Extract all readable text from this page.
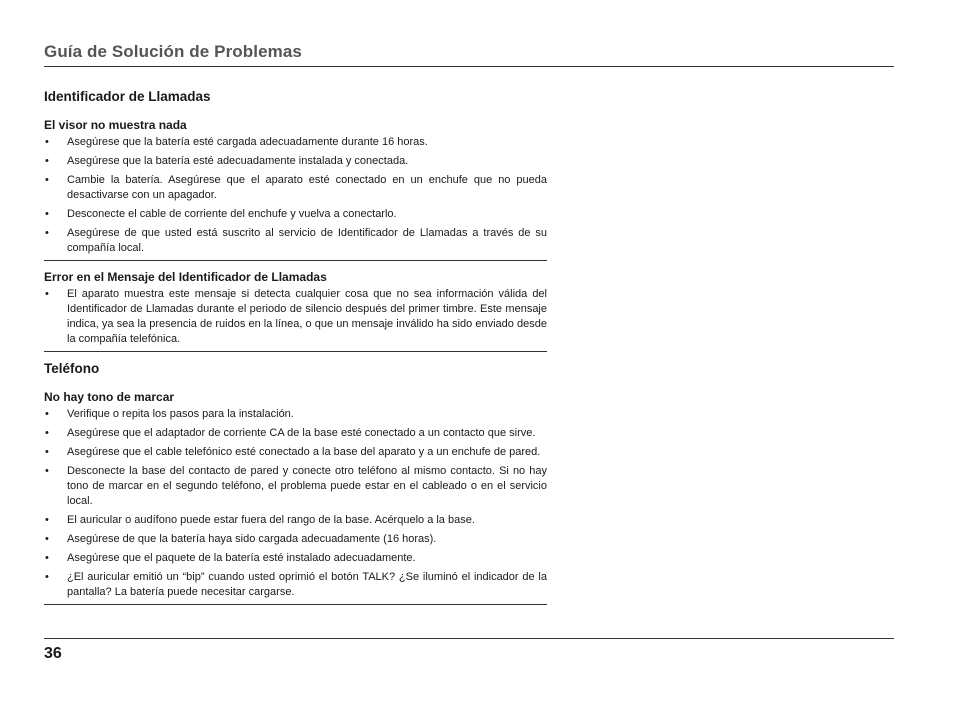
Guía de Solución de Problemas
Identificador de Llamadas
El visor no muestra nada
• Asegúrese que la batería esté cargada adecuadamente durante 16 horas.
• Asegúrese que la batería esté adecuadamente instalada y conectada.
• Cambie la batería. Asegúrese que el aparato esté conectado en un enchufe que no pueda desactivarse con un apagador.
• Desconecte el cable de corriente del enchufe y vuelva a conectarlo.
• Asegúrese de que usted está suscrito al servicio de Identificador de Llamadas a través de su compañía local.
Error en el Mensaje del Identificador de Llamadas
• El aparato muestra este mensaje si detecta cualquier cosa que no sea información válida del Identificador de Llamadas durante el periodo de silencio después del primer timbre. Este mensaje indica, ya sea la presencia de ruidos en la línea, o que un mensaje inválido ha sido enviado desde la compañía telefónica.
Teléfono
No hay tono de marcar
• Verifique o repita los pasos para la instalación.
• Asegúrese que el adaptador de corriente CA de la base esté conectado a un contacto que sirve.
• Asegúrese que el cable telefónico esté conectado a la base del aparato y a un enchufe de pared.
• Desconecte la base del contacto de pared y conecte otro teléfono al mismo contacto. Si no hay tono de marcar en el segundo teléfono, el problema puede estar en el cableado o en el servicio local.
• El auricular o audífono puede estar fuera del rango de la base. Acérquelo a la base.
• Asegúrese de que la batería haya sido cargada adecuadamente (16 horas).
• Asegúrese que el paquete de la batería esté instalado adecuadamente.
• ¿El auricular emitió un “bip” cuando usted oprimió el botón TALK? ¿Se iluminó el indicador de la pantalla? La batería puede necesitar cargarse.
36
